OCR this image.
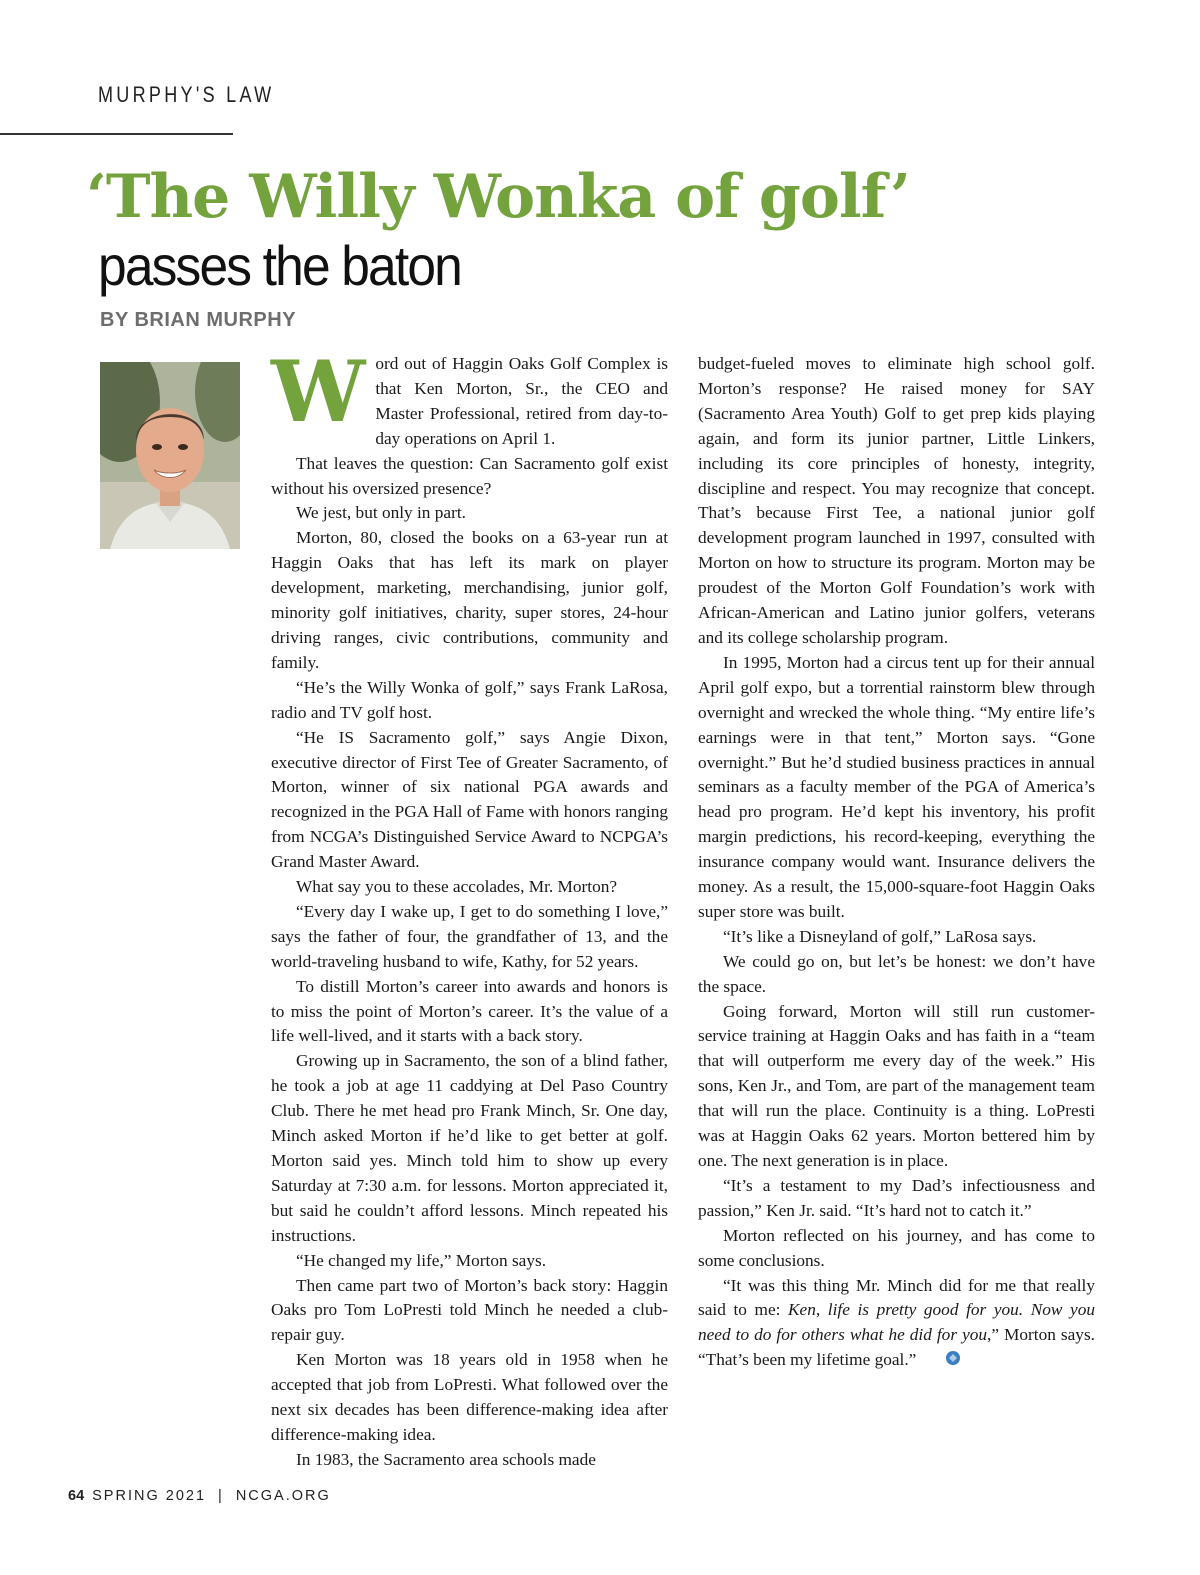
MURPHY'S LAW
‘The Willy Wonka of golf’
passes the baton
BY BRIAN MURPHY

Word out of Haggin Oaks Golf Complex is that Ken Morton, Sr., the CEO and Master Professional, retired from day-to-day operations on April 1.

That leaves the question: Can Sacramento golf exist without his oversized presence?

We jest, but only in part.

Morton, 80, closed the books on a 63-year run at Haggin Oaks that has left its mark on player development, marketing, merchandising, junior golf, minority golf initiatives, charity, super stores, 24-hour driving ranges, civic contributions, community and family.

“He’s the Willy Wonka of golf,” says Frank LaRosa, radio and TV golf host.

“He IS Sacramento golf,” says Angie Dixon, executive director of First Tee of Greater Sacramento, of Morton, winner of six national PGA awards and recognized in the PGA Hall of Fame with honors ranging from NCGA’s Distinguished Service Award to NCPGA’s Grand Master Award.

What say you to these accolades, Mr. Morton?

“Every day I wake up, I get to do something I love,” says the father of four, the grandfather of 13, and the world-traveling husband to wife, Kathy, for 52 years.

To distill Morton’s career into awards and honors is to miss the point of Morton’s career. It’s the value of a life well-lived, and it starts with a back story.

Growing up in Sacramento, the son of a blind father, he took a job at age 11 caddying at Del Paso Country Club. There he met head pro Frank Minch, Sr. One day, Minch asked Morton if he’d like to get better at golf. Morton said yes. Minch told him to show up every Saturday at 7:30 a.m. for lessons. Morton appreciated it, but said he couldn’t afford lessons. Minch repeated his instructions.

“He changed my life,” Morton says.

Then came part two of Morton’s back story: Haggin Oaks pro Tom LoPresti told Minch he needed a club-repair guy.

Ken Morton was 18 years old in 1958 when he accepted that job from LoPresti. What followed over the next six decades has been difference-making idea after difference-making idea.

In 1983, the Sacramento area schools made

budget-fueled moves to eliminate high school golf. Morton’s response? He raised money for SAY (Sacramento Area Youth) Golf to get prep kids playing again, and form its junior partner, Little Linkers, including its core principles of honesty, integrity, discipline and respect. You may recognize that concept. That’s because First Tee, a national junior golf development program launched in 1997, consulted with Morton on how to structure its program. Morton may be proudest of the Morton Golf Foundation’s work with African-American and Latino junior golfers, veterans and its college scholarship program.

In 1995, Morton had a circus tent up for their annual April golf expo, but a torrential rainstorm blew through overnight and wrecked the whole thing. “My entire life’s earnings were in that tent,” Morton says. “Gone overnight.” But he’d studied business practices in annual seminars as a faculty member of the PGA of America’s head pro program. He’d kept his inventory, his profit margin predictions, his record-keeping, everything the insurance company would want. Insurance delivers the money. As a result, the 15,000-square-foot Haggin Oaks super store was built.

“It’s like a Disneyland of golf,” LaRosa says.

We could go on, but let’s be honest: we don’t have the space.

Going forward, Morton will still run customer-service training at Haggin Oaks and has faith in a “team that will outperform me every day of the week.” His sons, Ken Jr., and Tom, are part of the management team that will run the place. Continuity is a thing. LoPresti was at Haggin Oaks 62 years. Morton bettered him by one. The next generation is in place.

“It’s a testament to my Dad’s infectiousness and passion,” Ken Jr. said. “It’s hard not to catch it.”

Morton reflected on his journey, and has come to some conclusions.

“It was this thing Mr. Minch did for me that really said to me: Ken, life is pretty good for you. Now you need to do for others what he did for you,” Morton says. “That’s been my lifetime goal.”

64 SPRING 2021 | NCGA.ORG
